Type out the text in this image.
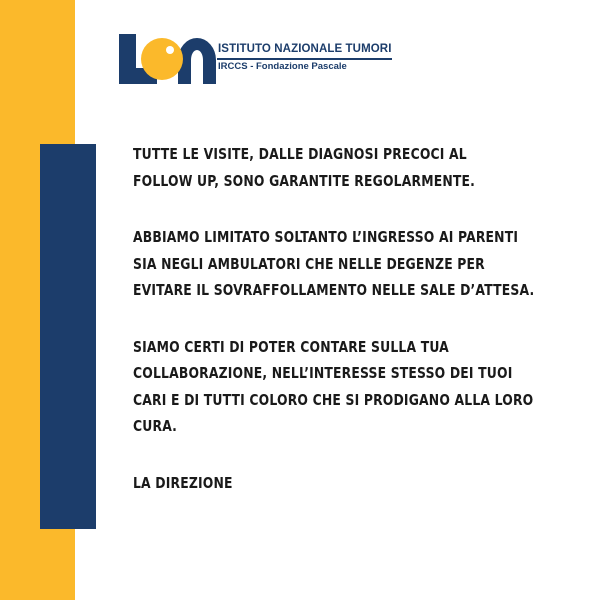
ISTITUTO NAZIONALE TUMORI
IRCCS - Fondazione Pascale

TUTTE LE VISITE, DALLE DIAGNOSI PRECOCI AL
FOLLOW UP, SONO GARANTITE REGOLARMENTE.

ABBIAMO LIMITATO SOLTANTO L’INGRESSO AI PARENTI
SIA NEGLI AMBULATORI CHE NELLE DEGENZE PER
EVITARE IL SOVRAFFOLLAMENTO NELLE SALE D’ATTESA.

SIAMO CERTI DI POTER CONTARE SULLA TUA
COLLABORAZIONE, NELL’INTERESSE STESSO DEI TUOI
CARI E DI TUTTI COLORO CHE SI PRODIGANO ALLA LORO
CURA.

LA DIREZIONE
